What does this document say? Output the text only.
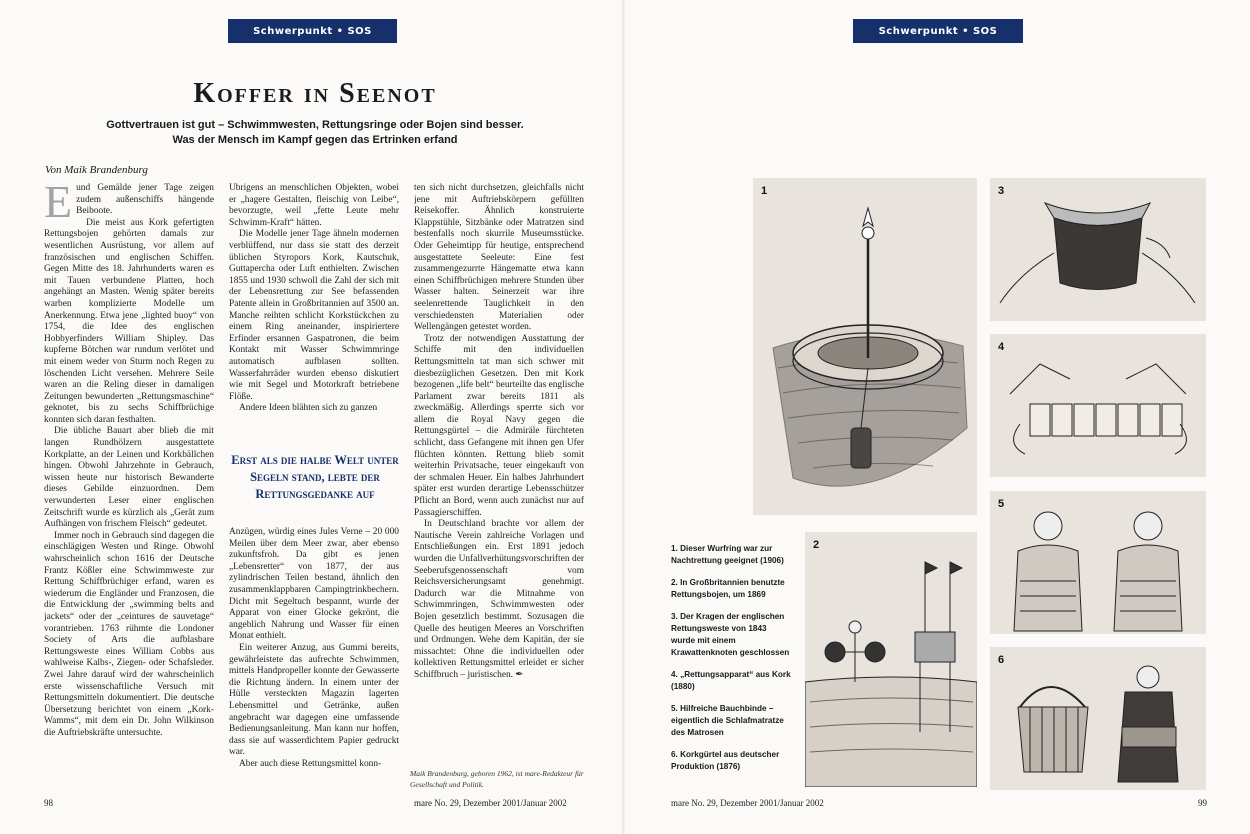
Schwerpunkt • SOS
Koffer in Seenot
Gottvertrauen ist gut – Schwimmwesten, Rettungsringe oder Bojen sind besser.
Was der Mensch im Kampf gegen das Ertrinken erfand
Von Maik Brandenburg

Eund Gemälde jener Tage zeigen zudem außenschiffs hängende Beiboote.

Die meist aus Kork gefertigten Rettungsbojen gehörten damals zur wesentlichen Ausrüstung, vor allem auf französischen und englischen Schiffen. Gegen Mitte des 18. Jahrhunderts waren es mit Tauen verbundene Platten, hoch angehängt an Masten. Wenig später bereits warben komplizierte Modelle um Anerkennung. Etwa jene „lighted buoy“ von 1754, die Idee des englischen Hobbyerfinders William Shipley. Das kupferne Bötchen war rundum verlötet und mit einem weder von Sturm noch Regen zu löschenden Licht versehen. Mehrere Seile waren an die Reling dieser in damaligen Zeitungen bewunderten „Rettungsmaschine“ geknotet, bis zu sechs Schiffbrüchige konnten sich daran festhalten.

Die übliche Bauart aber blieb die mit langen Rundhölzern ausgestattete Korkplatte, an der Leinen und Korkbällchen hingen. Obwohl Jahrzehnte in Gebrauch, wissen heute nur historisch Bewanderte dieses Gebilde einzuordnen. Dem verwunderten Leser einer englischen Zeitschrift wurde es kürzlich als „Gerät zum Aufhängen von frischem Fleisch“ gedeutet.

Immer noch in Gebrauch sind dagegen die einschlägigen Westen und Ringe. Obwohl wahrscheinlich schon 1616 der Deutsche Frantz Kößler eine Schwimmweste zur Rettung Schiffbrüchiger erfand, waren es wiederum die Engländer und Franzosen, die die Entwicklung der „swimming belts and jackets“ oder der „ceintures de sauvetage“ vorantrieben. 1763 rühmte die Londoner Society of Arts die aufblasbare Rettungsweste eines William Cobbs aus wahlweise Kalbs-, Ziegen- oder Schafsleder. Zwei Jahre darauf wird der wahrscheinlich erste wissenschaftliche Versuch mit Rettungsmitteln dokumentiert. Die deutsche Übersetzung berichtet von einem „Kork-Wamms“, mit dem ein Dr. John Wilkinson die Auftriebskräfte untersuchte.

Übrigens an menschlichen Objekten, wobei er „hagere Gestalten, fleischig von Leibe“, bevorzugte, weil „fette Leute mehr Schwimm-Kraft“ hätten.

Die Modelle jener Tage ähneln modernen verblüffend, nur dass sie statt des derzeit üblichen Styropors Kork, Kautschuk, Guttapercha oder Luft enthielten. Zwischen 1855 und 1930 schwoll die Zahl der sich mit der Lebensrettung zur See befassenden Patente allein in Großbritannien auf 3500 an. Manche reihten schlicht Korkstückchen zu einem Ring aneinander, inspiriertere Erfinder ersannen Gaspatronen, die beim Kontakt mit Wasser Schwimmringe automatisch aufblasen sollten. Wasserfahrräder wurden ebenso diskutiert wie mit Segel und Motorkraft betriebene Flöße.

Andere Ideen blähten sich zu ganzen

Erst als die halbe Welt unter Segeln stand, lebte der Rettungsgedanke auf

Anzügen, würdig eines Jules Verne – 20 000 Meilen über dem Meer zwar, aber ebenso zukunftsfroh. Da gibt es jenen „Lebensretter“ von 1877, der aus zylindrischen Teilen bestand, ähnlich den zusammenklappbaren Campingtrinkbechern. Dicht mit Segeltuch bespannt, wurde der Apparat von einer Glocke gekrönt, die angeblich Nahrung und Wasser für einen Monat enthielt.

Ein weiterer Anzug, aus Gummi bereits, gewährleistete das aufrechte Schwimmen, mittels Handpropeller konnte der Gewasserte die Richtung ändern. In einem unter der Hülle versteckten Magazin lagerten Lebensmittel und Getränke, außen angebracht war dagegen eine umfassende Bedienungsanleitung. Man kann nur hoffen, dass sie auf wasserdichtem Papier gedruckt war.

Aber auch diese Rettungsmittel konn-

ten sich nicht durchsetzen, gleichfalls nicht jene mit Auftriebskörpern gefüllten Reisekoffer. Ähnlich konstruierte Klappstühle, Sitzbänke oder Matratzen sind bestenfalls noch skurrile Museumsstücke. Oder Geheimtipp für heutige, entsprechend ausgestattete Seeleute: Eine fest zusammengezurrte Hängematte etwa kann einen Schiffbrüchigen mehrere Stunden über Wasser halten. Seinerzeit war ihre seelenrettende Tauglichkeit in den verschiedensten Materialien oder Wellengängen getestet worden.

Trotz der notwendigen Ausstattung der Schiffe mit den individuellen Rettungsmitteln tat man sich schwer mit diesbezüglichen Gesetzen. Den mit Kork bezogenen „life belt“ beurteilte das englische Parlament zwar bereits 1811 als zweckmäßig. Allerdings sperrte sich vor allem die Royal Navy gegen die Rettungsgürtel – die Admiräle fürchteten schlicht, dass Gefangene mit ihnen gen Ufer flüchten könnten. Rettung blieb somit weiterhin Privatsache, teuer eingekauft von der schmalen Heuer. Ein halbes Jahrhundert später erst wurden derartige Lebensschützer Pflicht an Bord, wenn auch zunächst nur auf Passagierschiffen.

In Deutschland brachte vor allem der Nautische Verein zahlreiche Vorlagen und Entschließungen ein. Erst 1891 jedoch wurden die Unfallverhütungsvorschriften der Seeberufsgenossenschaft vom Reichsversicherungsamt genehmigt. Dadurch war die Mitnahme von Schwimmringen, Schwimmwesten oder Bojen gesetzlich bestimmt. Sozusagen die Quelle des heutigen Meeres an Vorschriften und Ordnungen. Wehe dem Kapitän, der sie missachtet: Ohne die individuellen oder kollektiven Rettungsmittel erleidet er sicher Schiffbruch – juristischen. ✒

Maik Brandenburg, geboren 1962, ist mare-Redakteur für Gesellschaft und Politik.
98	mare No. 29, Dezember 2001/Januar 2002
Schwerpunkt • SOS
1	3
4
5
2
6
1. Dieser Wurfring war zur Nachtrettung geeignet (1906)
2. In Großbritannien benutzte Rettungsbojen, um 1869
3. Der Kragen der englischen Rettungsweste von 1843 wurde mit einem Krawattenknoten geschlossen
4. „Rettungsapparat“ aus Kork (1880)
5. Hilfreiche Bauchbinde – eigentlich die Schlafmatratze des Matrosen
6. Korkgürtel aus deutscher Produktion (1876)
mare No. 29, Dezember 2001/Januar 2002	99
